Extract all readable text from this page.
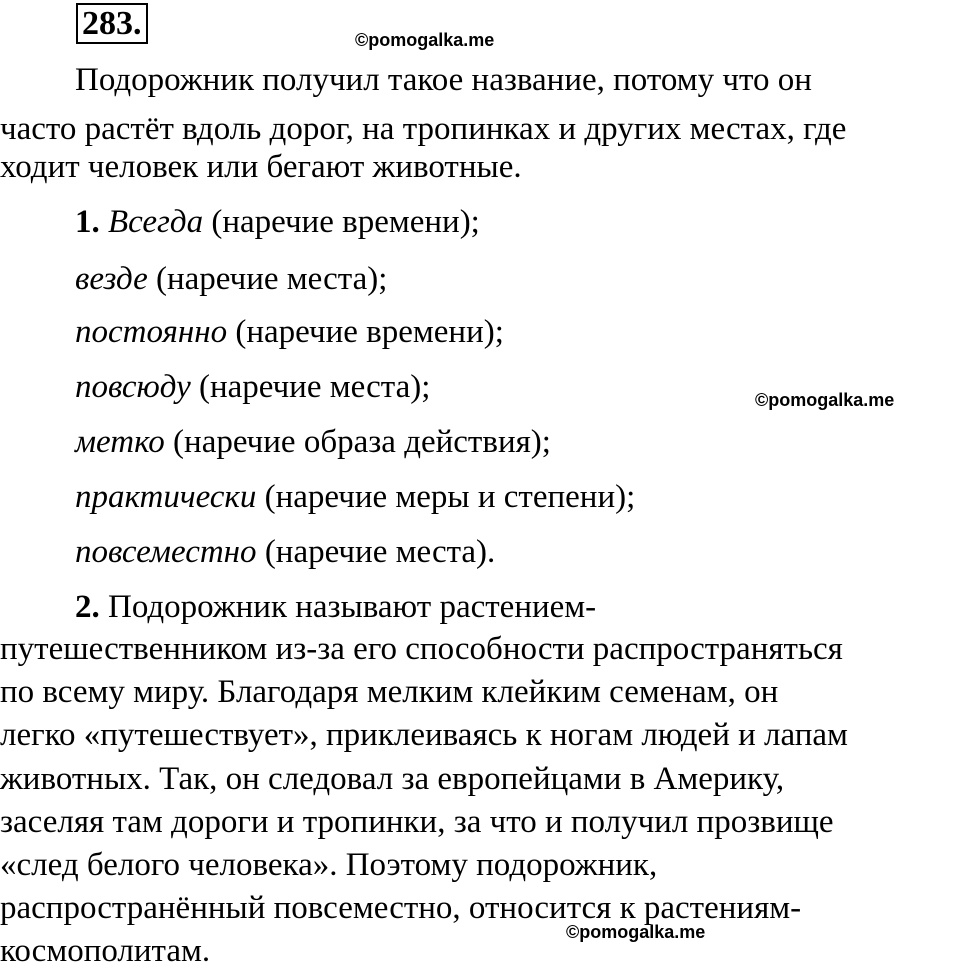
283.	©pomogalka.me
©pomogalka.me
©pomogalka.me
Подорожник получил такое название, потому что он
часто растёт вдоль дорог, на тропинках и других местах, где
ходит человек или бегают животные.
1. Всегда (наречие времени);
везде (наречие места);
постоянно (наречие времени);
повсюду (наречие места);
метко (наречие образа действия);
практически (наречие меры и степени);
повсеместно (наречие места).
2. Подорожник называют растением-
путешественником из-за его способности распространяться
по всему миру. Благодаря мелким клейким семенам, он
легко «путешествует», приклеиваясь к ногам людей и лапам
животных. Так, он следовал за европейцами в Америку,
заселяя там дороги и тропинки, за что и получил прозвище
«след белого человека». Поэтому подорожник,
распространённый повсеместно, относится к растениям-
космополитам.
